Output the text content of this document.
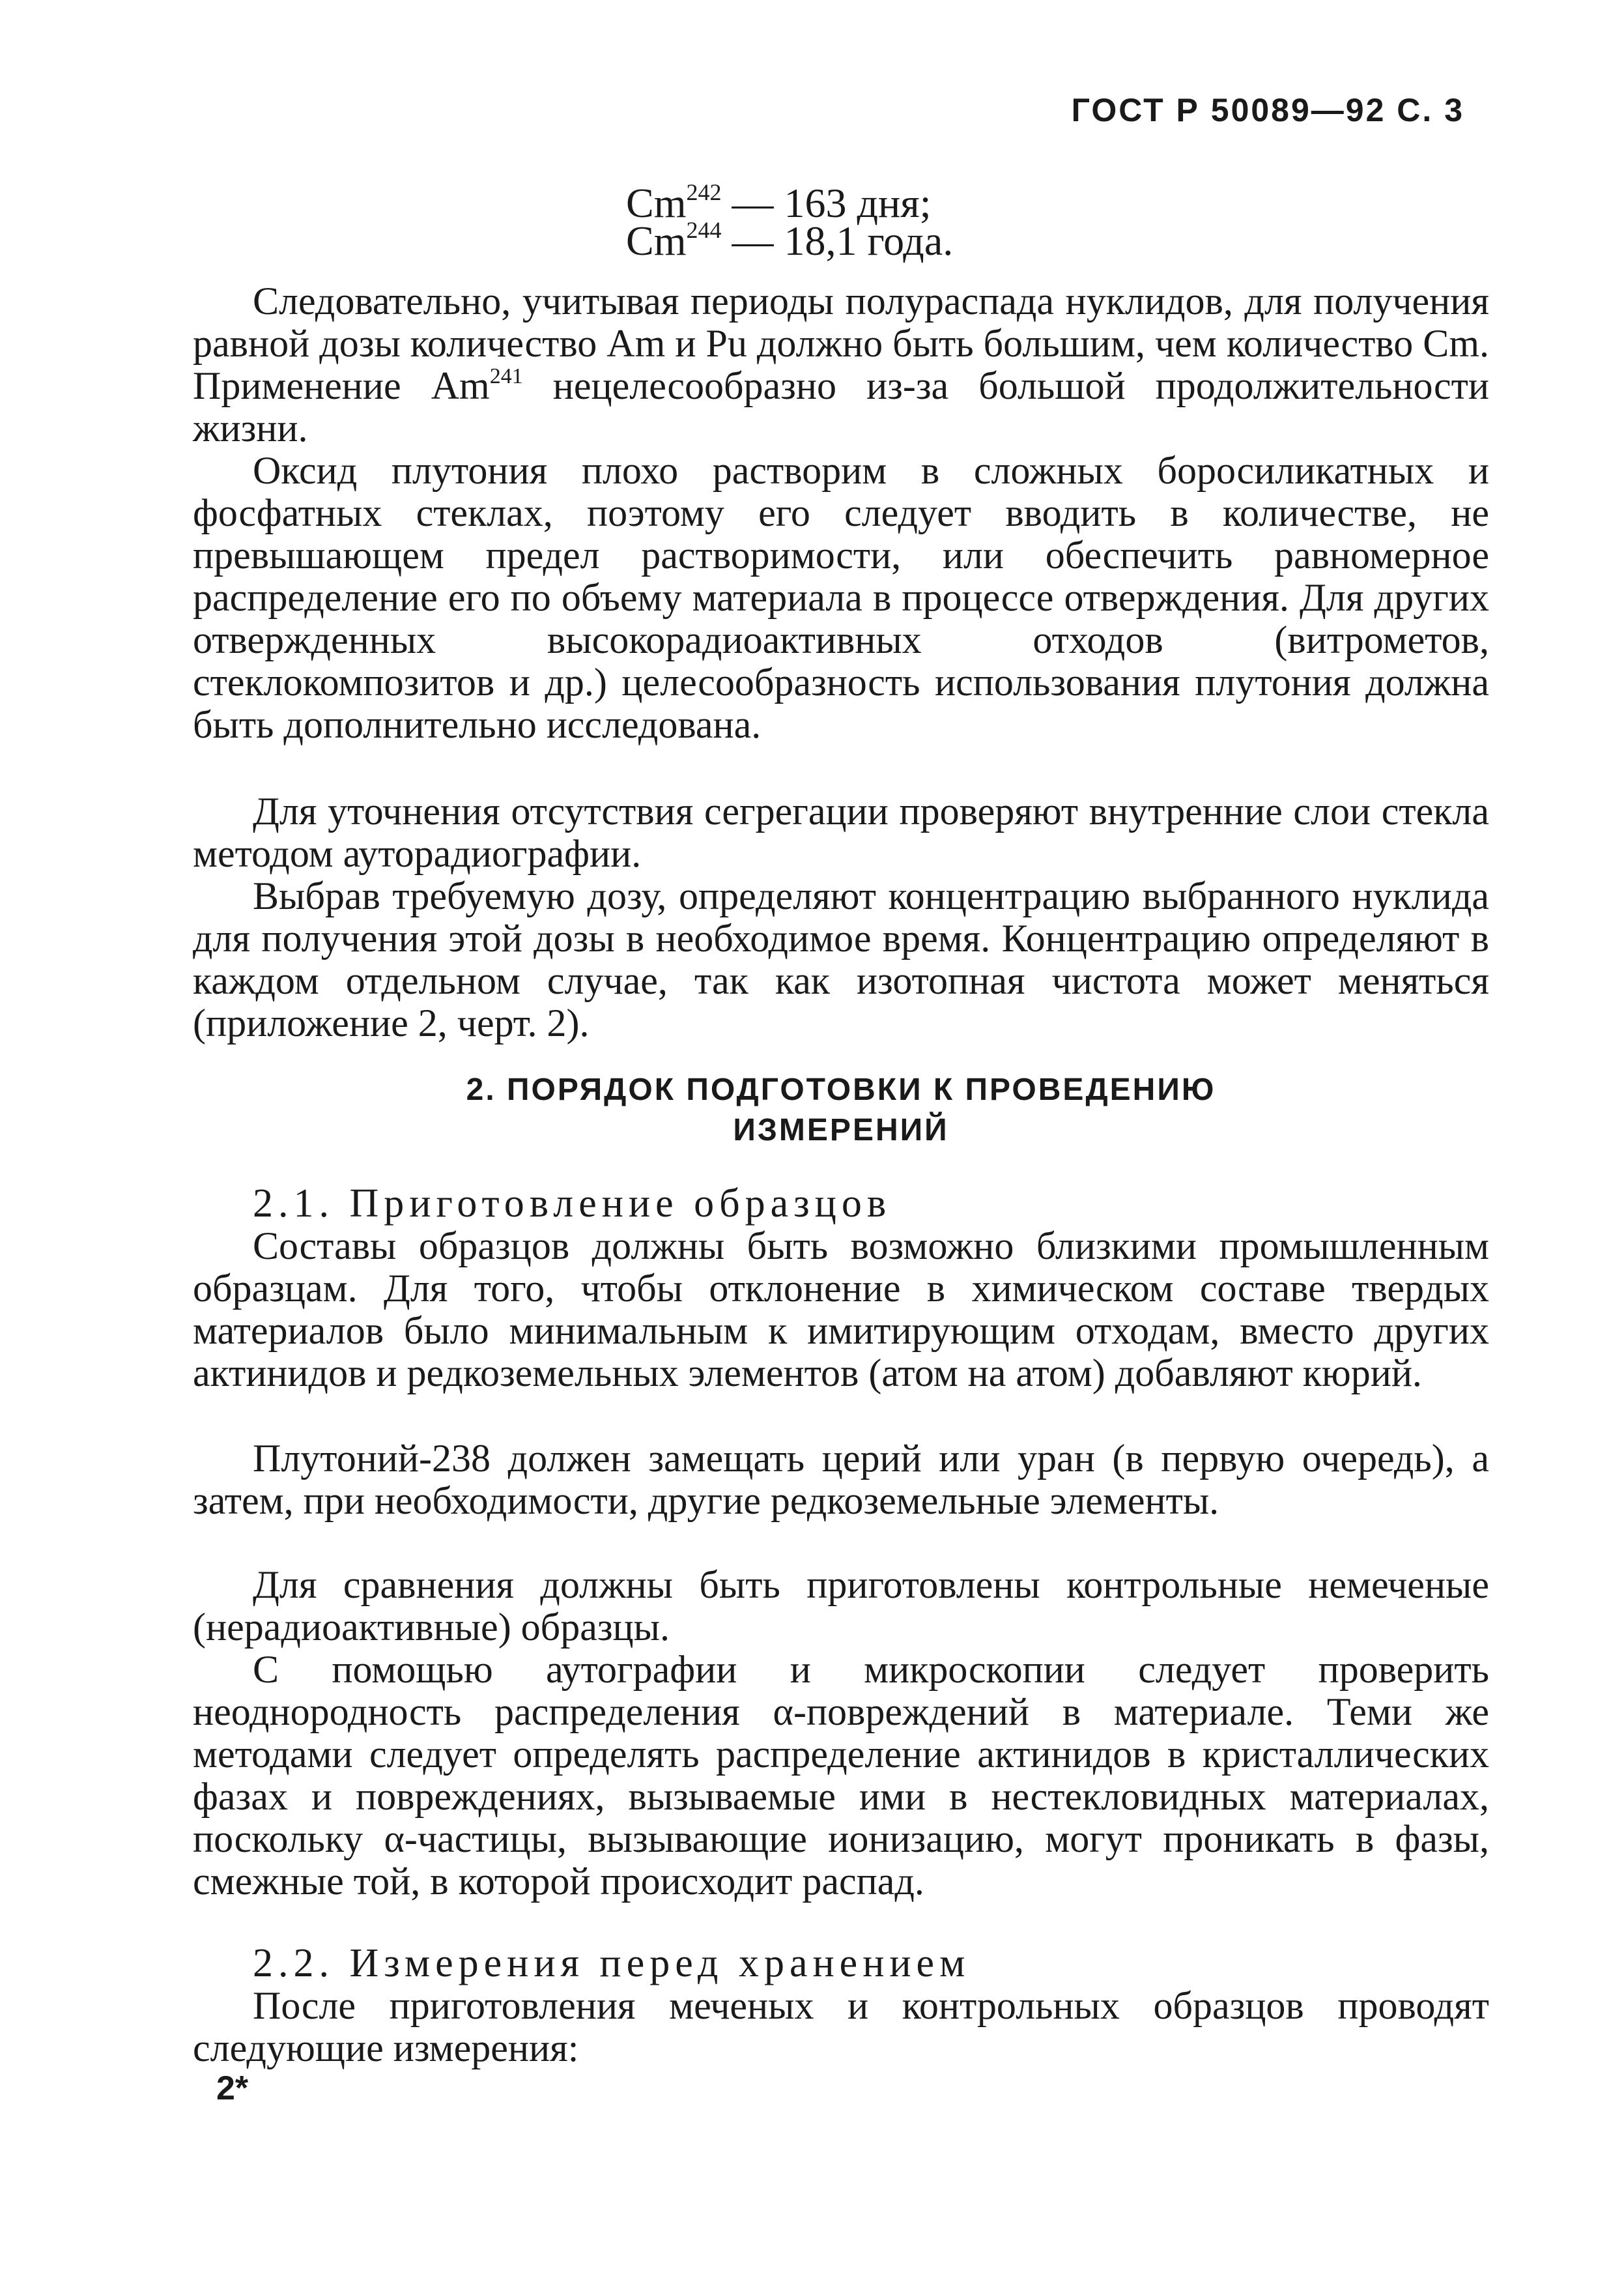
ГОСТ Р 50089—92 С. 3
Cm$^{242}$ — 163 дня;
Cm$^{244}$ — 18,1 года.

Следовательно, учитывая периоды полураспада нуклидов, для получения равной дозы количество Am и Pu должно быть большим, чем количество Cm. Применение Am$^{241}$ нецелесообразно из-за большой продолжительности жизни.

Оксид плутония плохо растворим в сложных боросиликатных и фосфатных стеклах, поэтому его следует вводить в количестве, не превышающем предел растворимости, или обеспечить равномерное распределение его по объему материала в процессе отверждения. Для других отвержденных высокорадиоактивных отходов (витрометов, стеклокомпозитов и др.) целесообразность использования плутония должна быть дополнительно исследована.

Для уточнения отсутствия сегрегации проверяют внутренние слои стекла методом ауторадиографии.

Выбрав требуемую дозу, определяют концентрацию выбранного нуклида для получения этой дозы в необходимое время. Концентрацию определяют в каждом отдельном случае, так как изотопная чистота может меняться (приложение 2, черт. 2).

2. ПОРЯДОК ПОДГОТОВКИ К ПРОВЕДЕНИЮ
ИЗМЕРЕНИЙ
2.1. Приготовление образцов

Составы образцов должны быть возможно близкими промышленным образцам. Для того, чтобы отклонение в химическом составе твердых материалов было минимальным к имитирующим отходам, вместо других актинидов и редкоземельных элементов (атом на атом) добавляют кюрий.

Плутоний-238 должен замещать церий или уран (в первую очередь), а затем, при необходимости, другие редкоземельные элементы.

Для сравнения должны быть приготовлены контрольные немеченые (нерадиоактивные) образцы.

С помощью аутографии и микроскопии следует проверить неоднородность распределения α-повреждений в материале. Теми же методами следует определять распределение актинидов в кристаллических фазах и повреждениях, вызываемые ими в нестекловидных материалах, поскольку α-частицы, вызывающие ионизацию, могут проникать в фазы, смежные той, в которой происходит распад.

2.2. Измерения перед хранением

После приготовления меченых и контрольных образцов проводят следующие измерения:

2*
